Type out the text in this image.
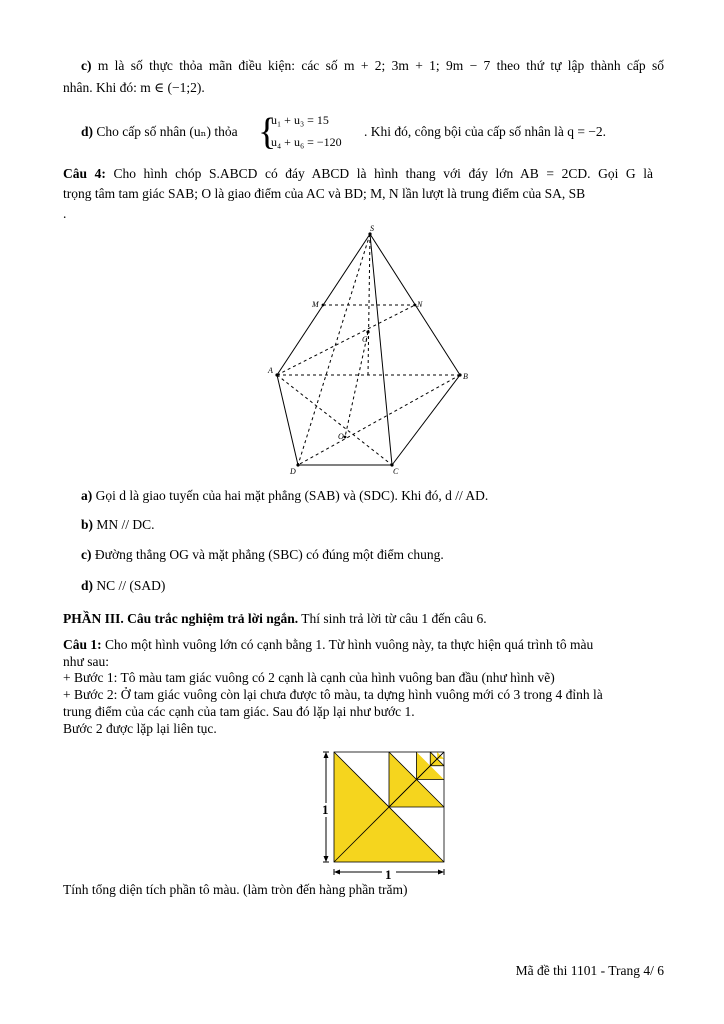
c) m là số thực thỏa mãn điều kiện: các số m + 2; 3m + 1; 9m − 7 theo thứ tự lập thành cấp số
nhân. Khi đó: m ∈ (−1;2).
d) Cho cấp số nhân (uₙ) thỏa {
u₁ + u₃ = 15
u₄ + u₆ = −120
. Khi đó, công bội của cấp số nhân là q = −2.
Câu 4: Cho hình chóp S.ABCD có đáy ABCD là hình thang với đáy lớn AB = 2CD. Gọi G là
trọng tâm tam giác SAB; O là giao điểm của AC và BD; M, N lần lượt là trung điểm của SA, SB
.
S
M	N
G
A
B
O
D	C
a) Gọi d là giao tuyến của hai mặt phẳng (SAB) và (SDC). Khi đó, d // AD.
b) MN // DC.
c) Đường thẳng OG và mặt phẳng (SBC) có đúng một điểm chung.
d) NC // (SAD)
PHẦN III. Câu trắc nghiệm trả lời ngắn. Thí sinh trả lời từ câu 1 đến câu 6.
Câu 1: Cho một hình vuông lớn có cạnh bằng 1. Từ hình vuông này, ta thực hiện quá trình tô màu
như sau:
+ Bước 1: Tô màu tam giác vuông có 2 cạnh là cạnh của hình vuông ban đầu (như hình vẽ)
+ Bước 2: Ở tam giác vuông còn lại chưa được tô màu, ta dựng hình vuông mới có 3 trong 4 đỉnh là
trung điểm của các cạnh của tam giác. Sau đó lặp lại như bước 1.
Bước 2 được lặp lại liên tục.
1
1
Tính tổng diện tích phần tô màu. (làm tròn đến hàng phần trăm)
Mã đề thi 1101 - Trang 4/ 6
